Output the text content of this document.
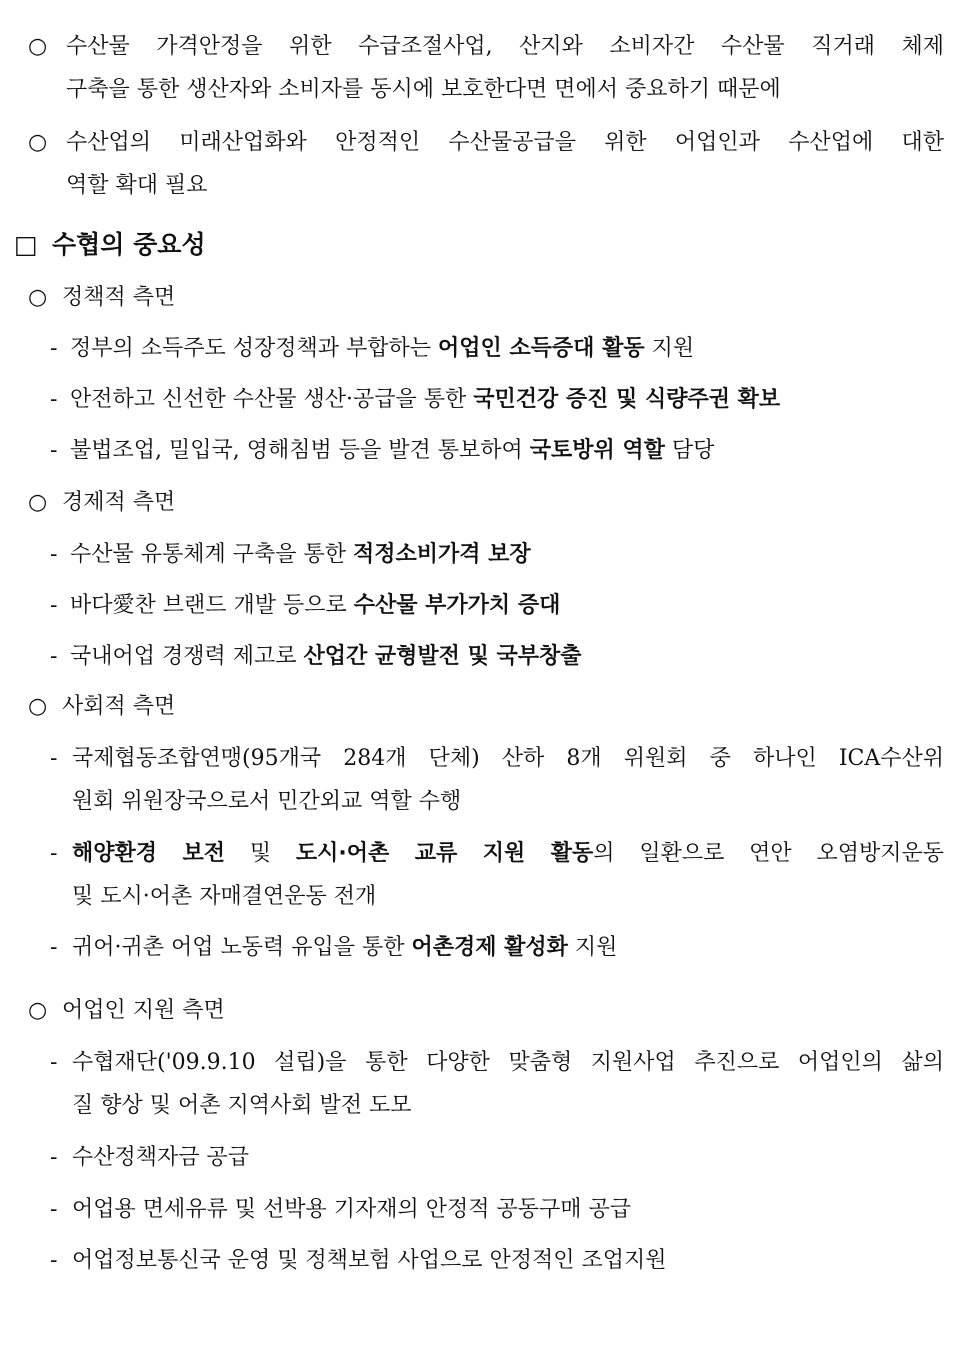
○ 수산물 가격안정을 위한 수급조절사업, 산지와 소비자간 수산물 직거래 체제
구축을 통한 생산자와 소비자를 동시에 보호한다면 면에서 중요하기 때문에
○ 수산업의 미래산업화와 안정적인 수산물공급을 위한 어업인과 수산업에 대한
역할 확대 필요
□ 수협의 중요성
○ 정책적 측면
- 정부의 소득주도 성장정책과 부합하는 어업인 소득증대 활동 지원
- 안전하고 신선한 수산물 생산·공급을 통한 국민건강 증진 및 식량주권 확보
- 불법조업, 밀입국, 영해침범 등을 발견 통보하여 국토방위 역할 담당
○ 경제적 측면
- 수산물 유통체계 구축을 통한 적정소비가격 보장
- 바다愛찬 브랜드 개발 등으로 수산물 부가가치 증대
- 국내어업 경쟁력 제고로 산업간 균형발전 및 국부창출
○ 사회적 측면
- 국제협동조합연맹(95개국 284개 단체) 산하 8개 위원회 중 하나인 ICA수산위
원회 위원장국으로서 민간외교 역할 수행
- 해양환경 보전 및 도시·어촌 교류 지원 활동의 일환으로 연안 오염방지운동
및 도시·어촌 자매결연운동 전개
- 귀어·귀촌 어업 노동력 유입을 통한 어촌경제 활성화 지원
○ 어업인 지원 측면
- 수협재단('09.9.10 설립)을 통한 다양한 맞춤형 지원사업 추진으로 어업인의 삶의
질 향상 및 어촌 지역사회 발전 도모
- 수산정책자금 공급
- 어업용 면세유류 및 선박용 기자재의 안정적 공동구매 공급
- 어업정보통신국 운영 및 정책보험 사업으로 안정적인 조업지원
